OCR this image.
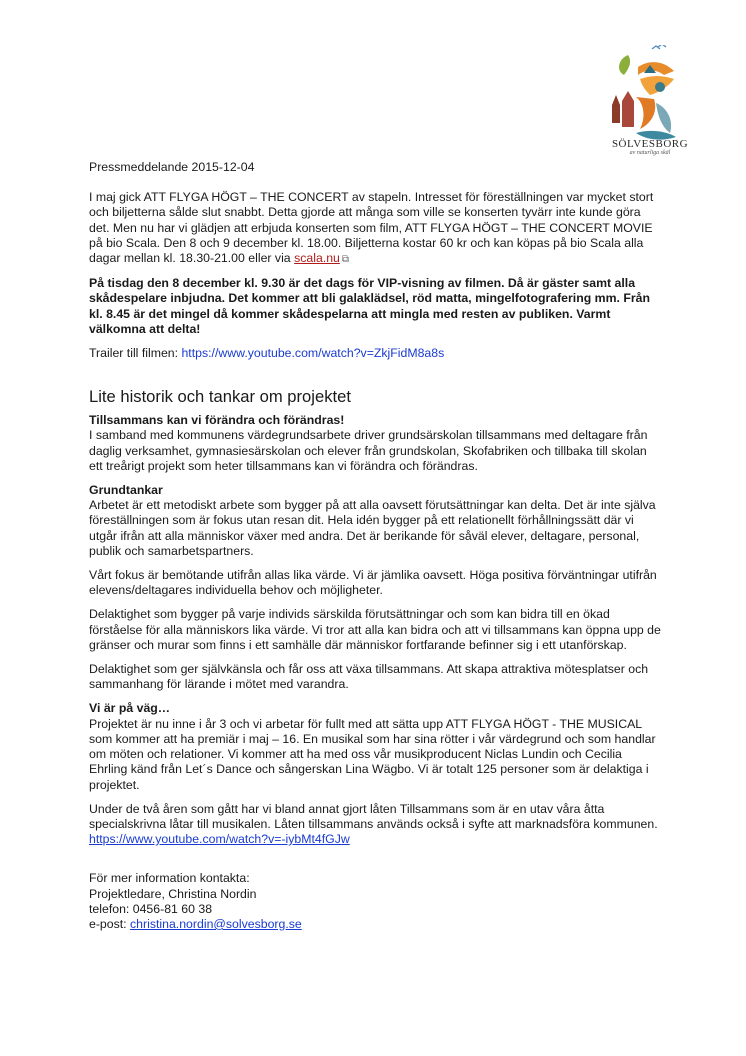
SÖLVESBORG
av naturliga skäl

Pressmeddelande 2015-12-04

I maj gick ATT FLYGA HÖGT – THE CONCERT av stapeln. Intresset för föreställningen var mycket stort och biljetterna sålde slut snabbt. Detta gjorde att många som ville se konserten tyvärr inte kunde göra det. Men nu har vi glädjen att erbjuda konserten som film, ATT FLYGA HÖGT – THE CONCERT MOVIE på bio Scala. Den 8 och 9 december kl. 18.00. Biljetterna kostar 60 kr och kan köpas på bio Scala alla dagar mellan kl. 18.30-21.00 eller via scala.nu ⧉

På tisdag den 8 december kl. 9.30 är det dags för VIP-visning av filmen. Då är gäster samt alla skådespelare inbjudna. Det kommer att bli galaklädsel, röd matta, mingelfotografering mm. Från kl. 8.45 är det mingel då kommer skådespelarna att mingla med resten av publiken. Varmt välkomna att delta!

Trailer till filmen: https://www.youtube.com/watch?v=ZkjFidM8a8s

Lite historik och tankar om projektet

Tillsammans kan vi förändra och förändras!
I samband med kommunens värdegrundsarbete driver grundsärskolan tillsammans med deltagare från daglig verksamhet, gymnasiesärskolan och elever från grundskolan, Skofabriken och tillbaka till skolan ett treårigt projekt som heter tillsammans kan vi förändra och förändras.

Grundtankar
Arbetet är ett metodiskt arbete som bygger på att alla oavsett förutsättningar kan delta. Det är inte själva föreställningen som är fokus utan resan dit. Hela idén bygger på ett relationellt förhållningssätt där vi utgår ifrån att alla människor växer med andra. Det är berikande för såväl elever, deltagare, personal, publik och samarbetspartners.

Vårt fokus är bemötande utifrån allas lika värde. Vi är jämlika oavsett. Höga positiva förväntningar utifrån elevens/deltagares individuella behov och möjligheter.

Delaktighet som bygger på varje individs särskilda förutsättningar och som kan bidra till en ökad förståelse för alla människors lika värde. Vi tror att alla kan bidra och att vi tillsammans kan öppna upp de gränser och murar som finns i ett samhälle där människor fortfarande befinner sig i ett utanförskap.

Delaktighet som ger självkänsla och får oss att växa tillsammans. Att skapa attraktiva mötesplatser och sammanhang för lärande i mötet med varandra.

Vi är på väg…
Projektet är nu inne i år 3 och vi arbetar för fullt med att sätta upp ATT FLYGA HÖGT - THE MUSICAL som kommer att ha premiär i maj – 16. En musikal som har sina rötter i vår värdegrund och som handlar om möten och relationer. Vi kommer att ha med oss vår musikproducent Niclas Lundin och Cecilia Ehrling känd från Let´s Dance och sångerskan Lina Wägbo. Vi är totalt 125 personer som är delaktiga i projektet.

Under de två åren som gått har vi bland annat gjort låten Tillsammans som är en utav våra åtta specialskrivna låtar till musikalen. Låten tillsammans används också i syfte att marknadsföra kommunen. https://www.youtube.com/watch?v=-iybMt4fGJw

För mer information kontakta:
Projektledare, Christina Nordin
telefon: 0456-81 60 38
e-post: christina.nordin@solvesborg.se
